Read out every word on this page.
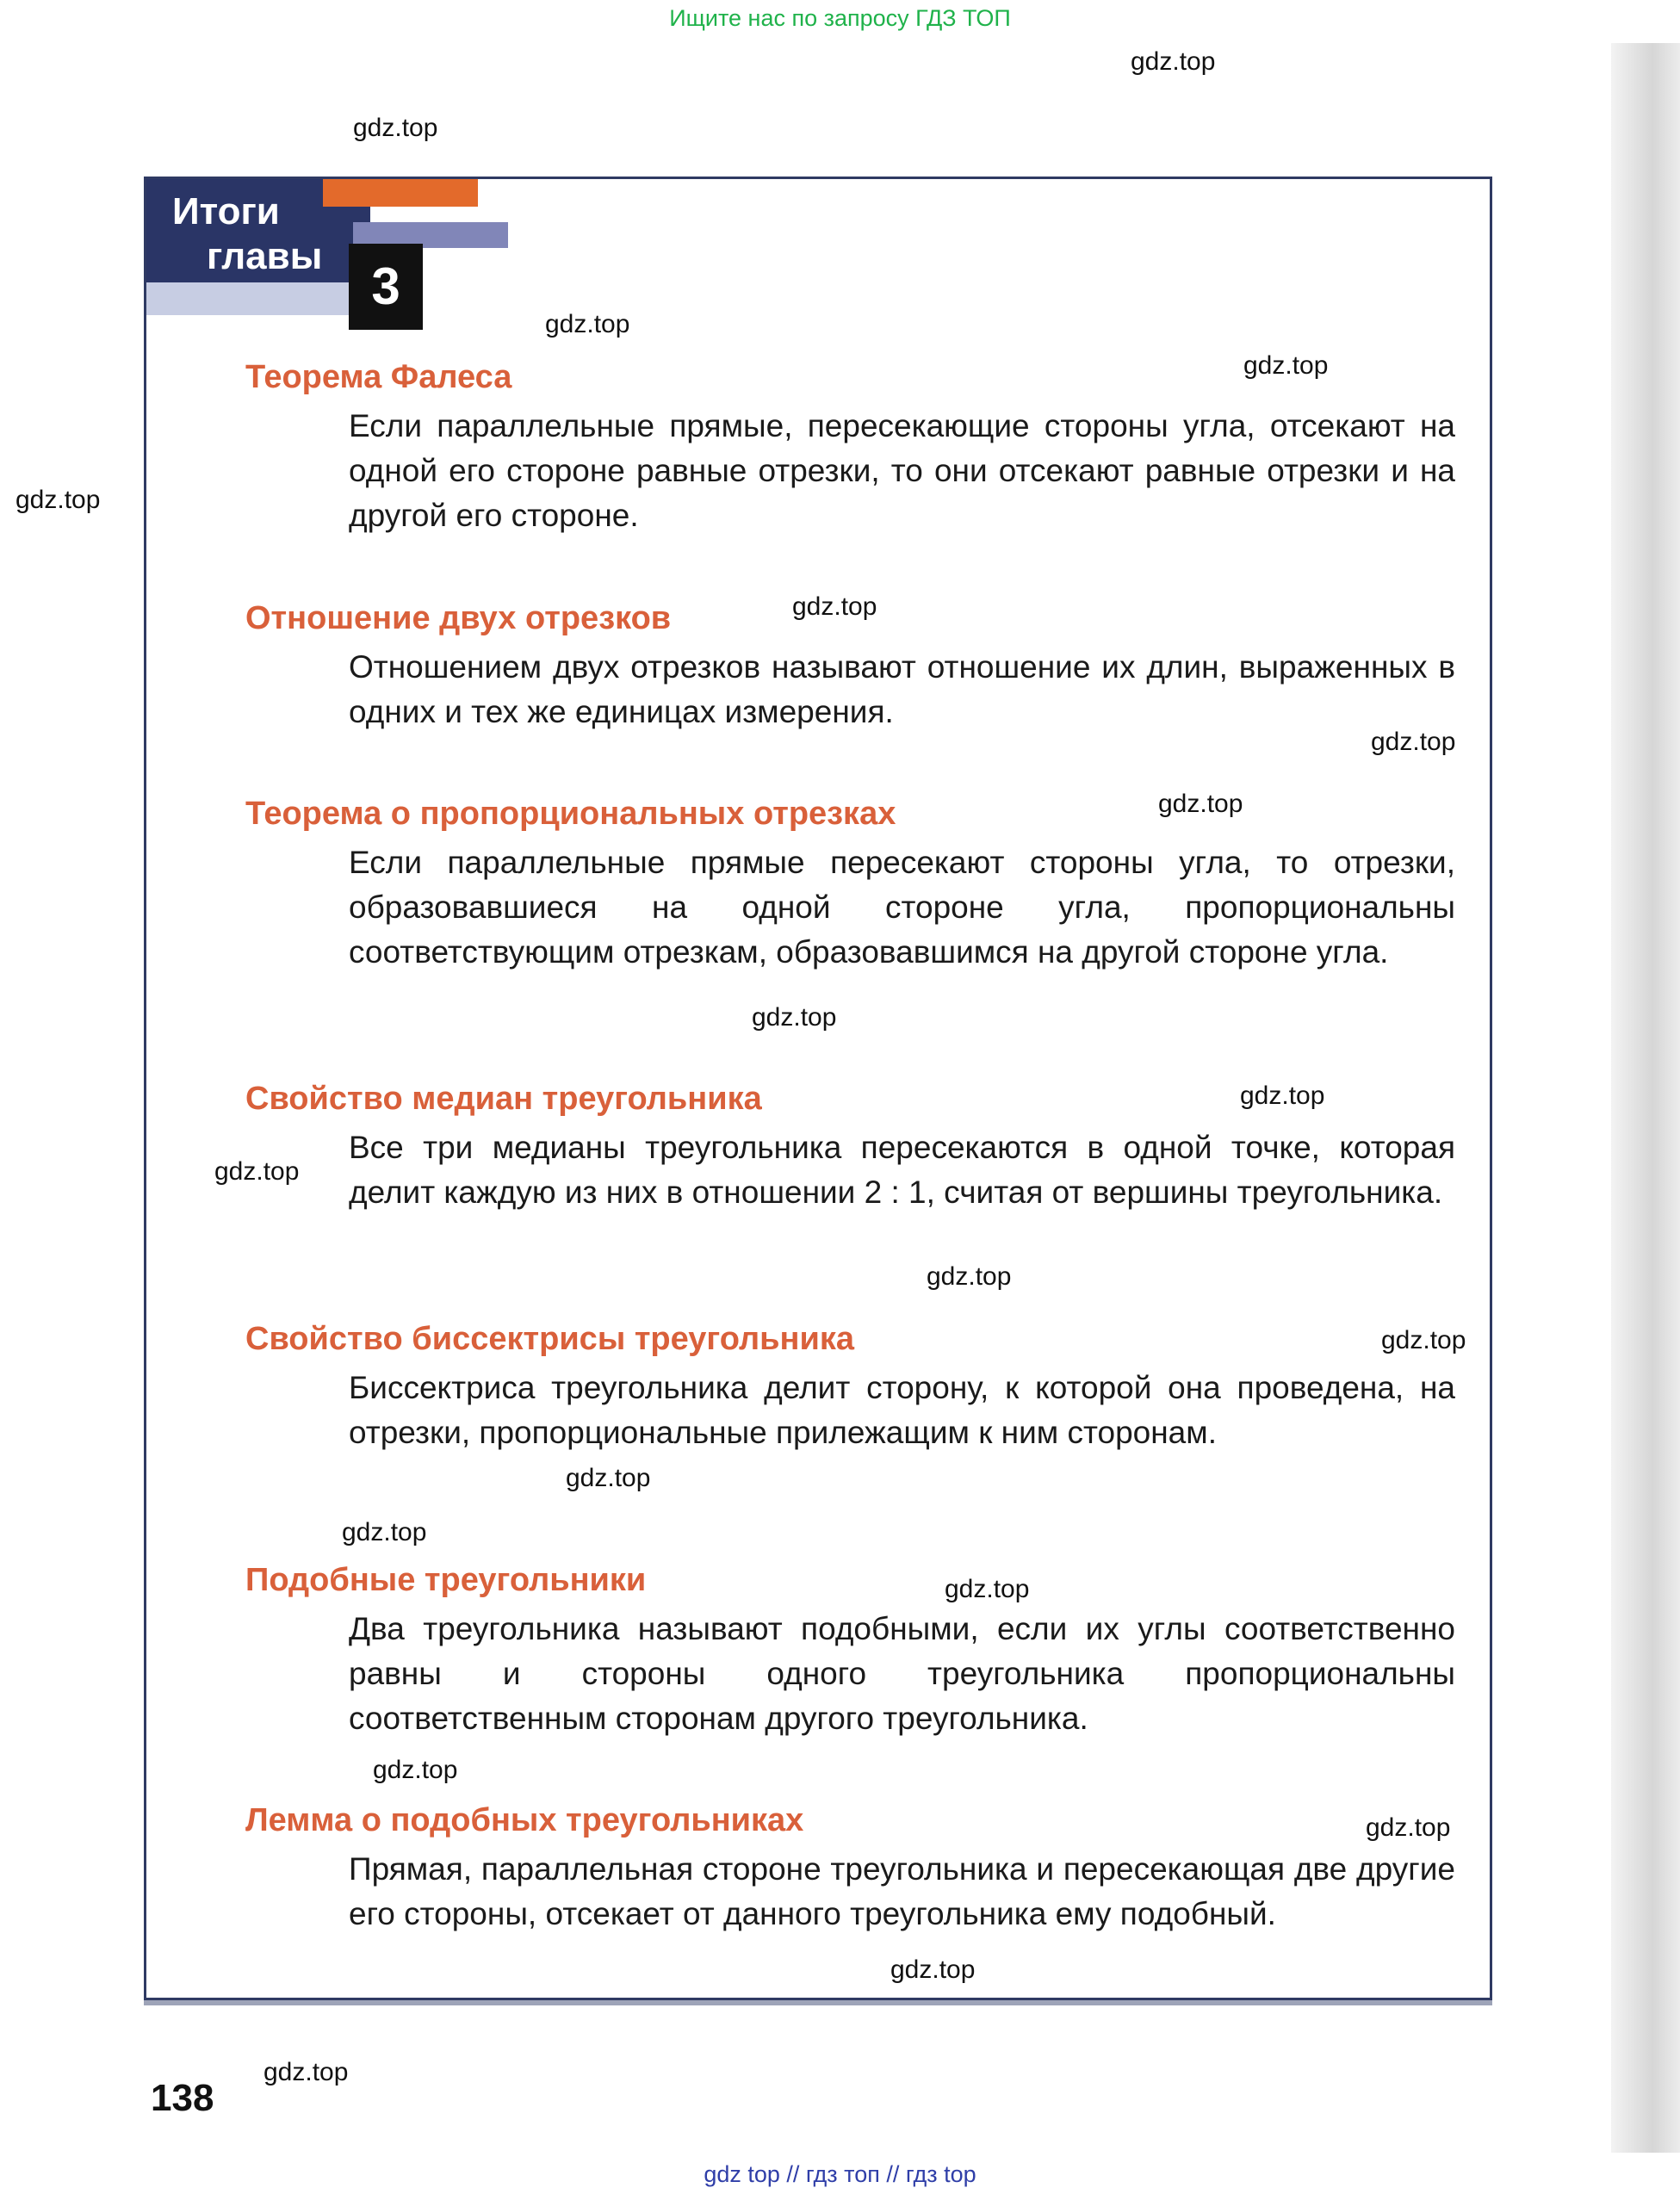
Ищите нас по запросу ГДЗ ТОП
Итоги
главы
3
Теорема Фалеса

Если параллельные прямые, пересекающие стороны угла, отсекают на одной его стороне равные отрезки, то они отсекают равные отрезки и на другой его стороне.

Отношение двух отрезков

Отношением двух отрезков называют отношение их длин, выраженных в одних и тех же единицах измерения.

Теорема о пропорциональных отрезках

Если параллельные прямые пересекают стороны угла, то отрезки, образовавшиеся на одной стороне угла, пропорциональны соответствующим отрезкам, образовавшимся на другой стороне угла.

Свойство медиан треугольника

Все три медианы треугольника пересекаются в одной точке, которая делит каждую из них в отношении 2 : 1, считая от вершины треугольника.

Свойство биссектрисы треугольника

Биссектриса треугольника делит сторону, к которой она проведена, на отрезки, пропорциональные прилежащим к ним сторонам.

Подобные треугольники

Два треугольника называют подобными, если их углы соответственно равны и стороны одного треугольника пропорциональны соответственным сторонам другого треугольника.

Лемма о подобных треугольниках

Прямая, параллельная стороне треугольника и пересекающая две другие его стороны, отсекает от данного треугольника ему подобный.

138
gdz.top
gdz.top
gdz.top
gdz.top
gdz.top
gdz.top
gdz.top
gdz.top
gdz.top
gdz.top
gdz.top
gdz.top
gdz.top
gdz.top
gdz.top
gdz.top
gdz.top
gdz.top
gdz.top
gdz.top
gdz top // гдз топ // гдз top
